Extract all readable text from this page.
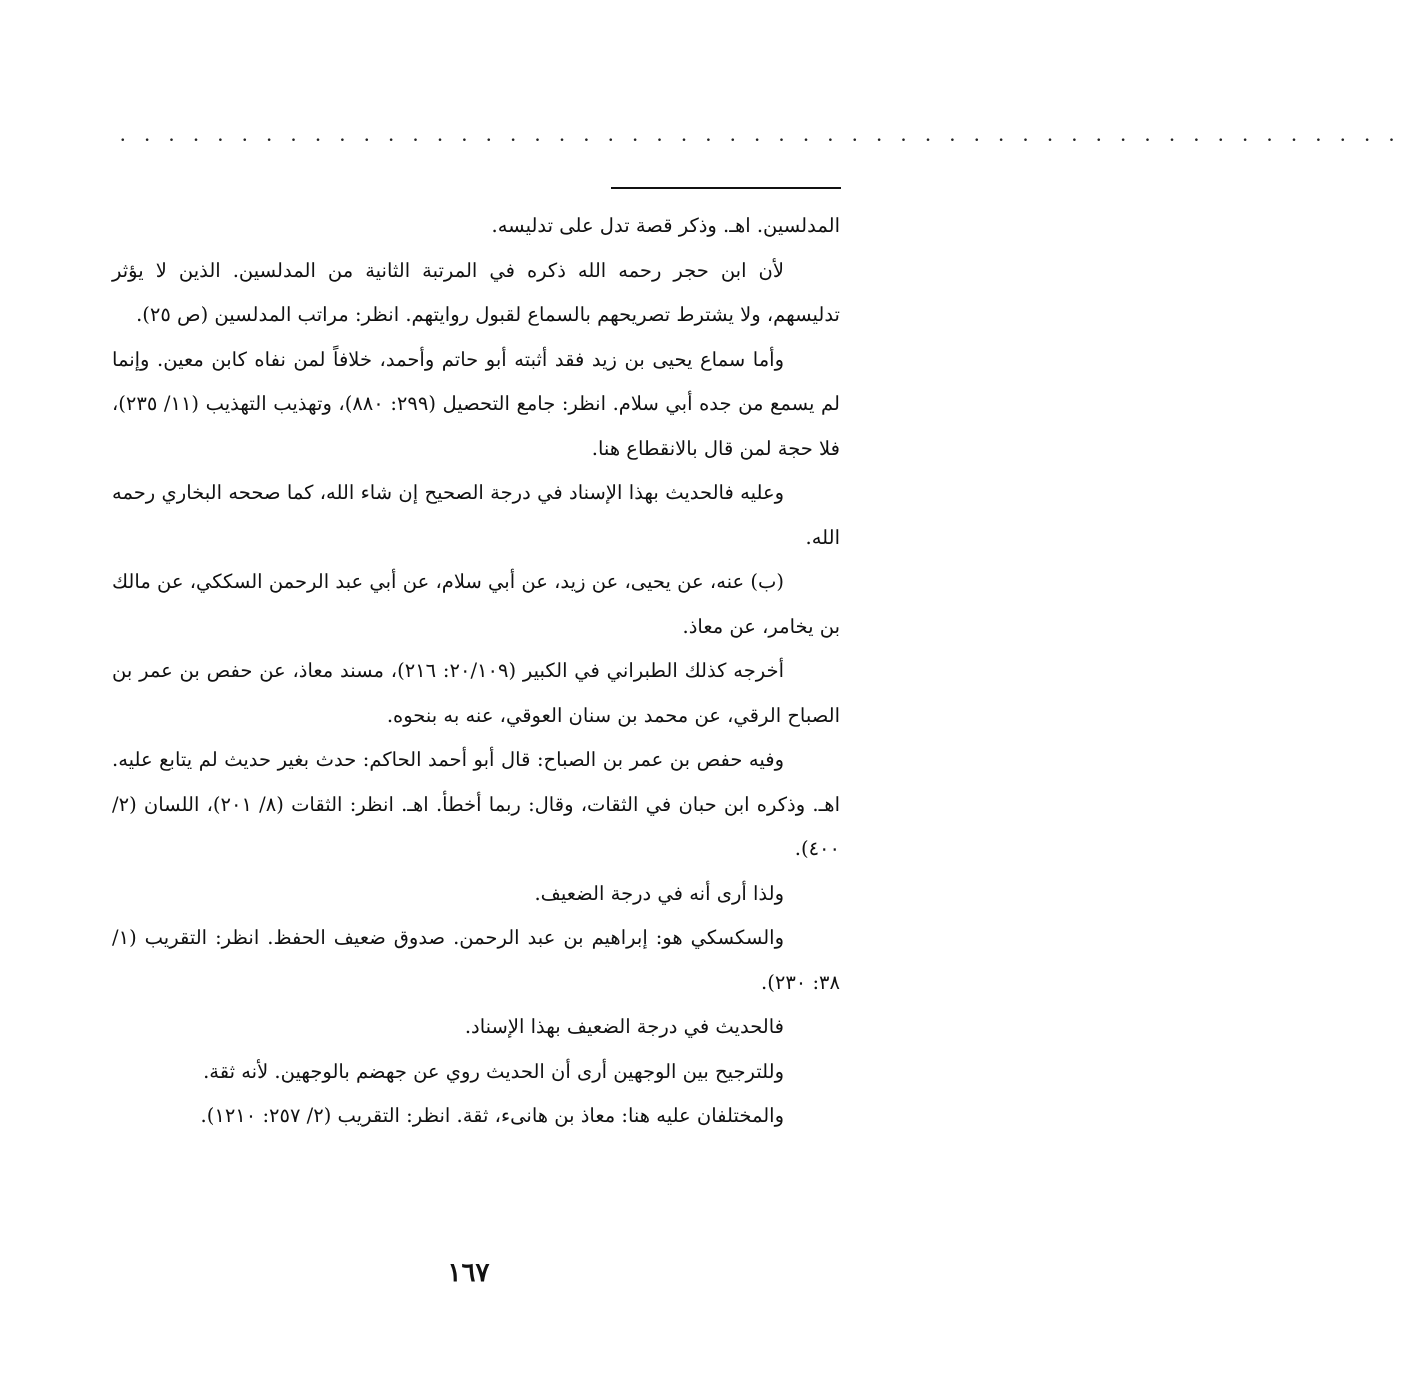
. . . . . . . . . . . . . . . . . . . . . . . . . . . . . . . . . . . . . . . . . . . . . . . . . . . . .

المدلسين. اهـ. وذكر قصة تدل على تدليسه.

لأن ابن حجر رحمه الله ذكره في المرتبة الثانية من المدلسين. الذين لا يؤثر تدليسهم، ولا يشترط تصريحهم بالسماع لقبول روايتهم. انظر: مراتب المدلسين (ص ٢٥).

وأما سماع يحيى بن زيد فقد أثبته أبو حاتم وأحمد، خلافاً لمن نفاه كابن معين. وإنما لم يسمع من جده أبي سلام. انظر: جامع التحصيل (٢٩٩: ٨٨٠)، وتهذيب التهذيب (١١/ ٢٣٥)، فلا حجة لمن قال بالانقطاع هنا.

وعليه فالحديث بهذا الإسناد في درجة الصحيح إن شاء الله، كما صححه البخاري رحمه الله.

(ب) عنه، عن يحيى، عن زيد، عن أبي سلام، عن أبي عبد الرحمن السككي، عن مالك بن يخامر، عن معاذ.

أخرجه كذلك الطبراني في الكبير (٢٠/١٠٩: ٢١٦)، مسند معاذ، عن حفص بن عمر بن الصباح الرقي، عن محمد بن سنان العوقي، عنه به بنحوه.

وفيه حفص بن عمر بن الصباح: قال أبو أحمد الحاكم: حدث بغير حديث لم يتابع عليه. اهـ. وذكره ابن حبان في الثقات، وقال: ربما أخطأ. اهـ. انظر: الثقات (٨/ ٢٠١)، اللسان (٢/ ٤٠٠).

ولذا أرى أنه في درجة الضعيف.

والسكسكي هو: إبراهيم بن عبد الرحمن. صدوق ضعيف الحفظ. انظر: التقريب (١/ ٣٨: ٢٣٠).

فالحديث في درجة الضعيف بهذا الإسناد.

وللترجيح بين الوجهين أرى أن الحديث روي عن جهضم بالوجهين. لأنه ثقة.

والمختلفان عليه هنا: معاذ بن هانىء، ثقة. انظر: التقريب (٢/ ٢٥٧: ١٢١٠).

١٦٧
